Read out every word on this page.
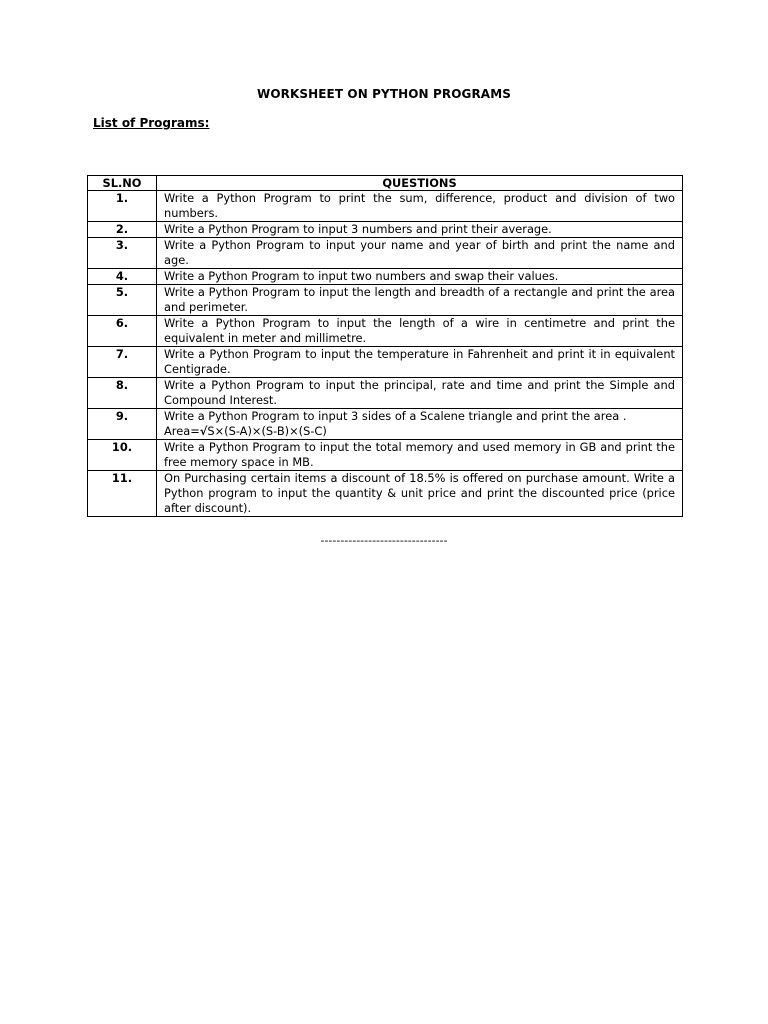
WORKSHEET ON PYTHON PROGRAMS
List of Programs:
SL.NO	QUESTIONS
1.	Write a Python Program to print the sum, difference, product and division of two numbers.
2.	Write a Python Program to input 3 numbers and print their average.
3.	Write a Python Program to input your name and year of birth and print the name and age.
4.	Write a Python Program to input two numbers and swap their values.
5.	Write a Python Program to input the length and breadth of a rectangle and print the area and perimeter.
6.	Write a Python Program to input the length of a wire in centimetre and print the equivalent in meter and millimetre.
7.	Write a Python Program to input the temperature in Fahrenheit and print it in equivalent Centigrade.
8.	Write a Python Program to input the principal, rate and time and print the Simple and Compound Interest.
9.	Write a Python Program to input 3 sides of a Scalene triangle and print the area .
Area=√S×(S-A)×(S-B)×(S-C)

10.	Write a Python Program to input the total memory and used memory in GB and print the free memory space in MB.
11.	On Purchasing certain items a discount of 18.5% is offered on purchase amount. Write a Python program to input the quantity & unit price and print the discounted price (price after discount).
--------------------------------
